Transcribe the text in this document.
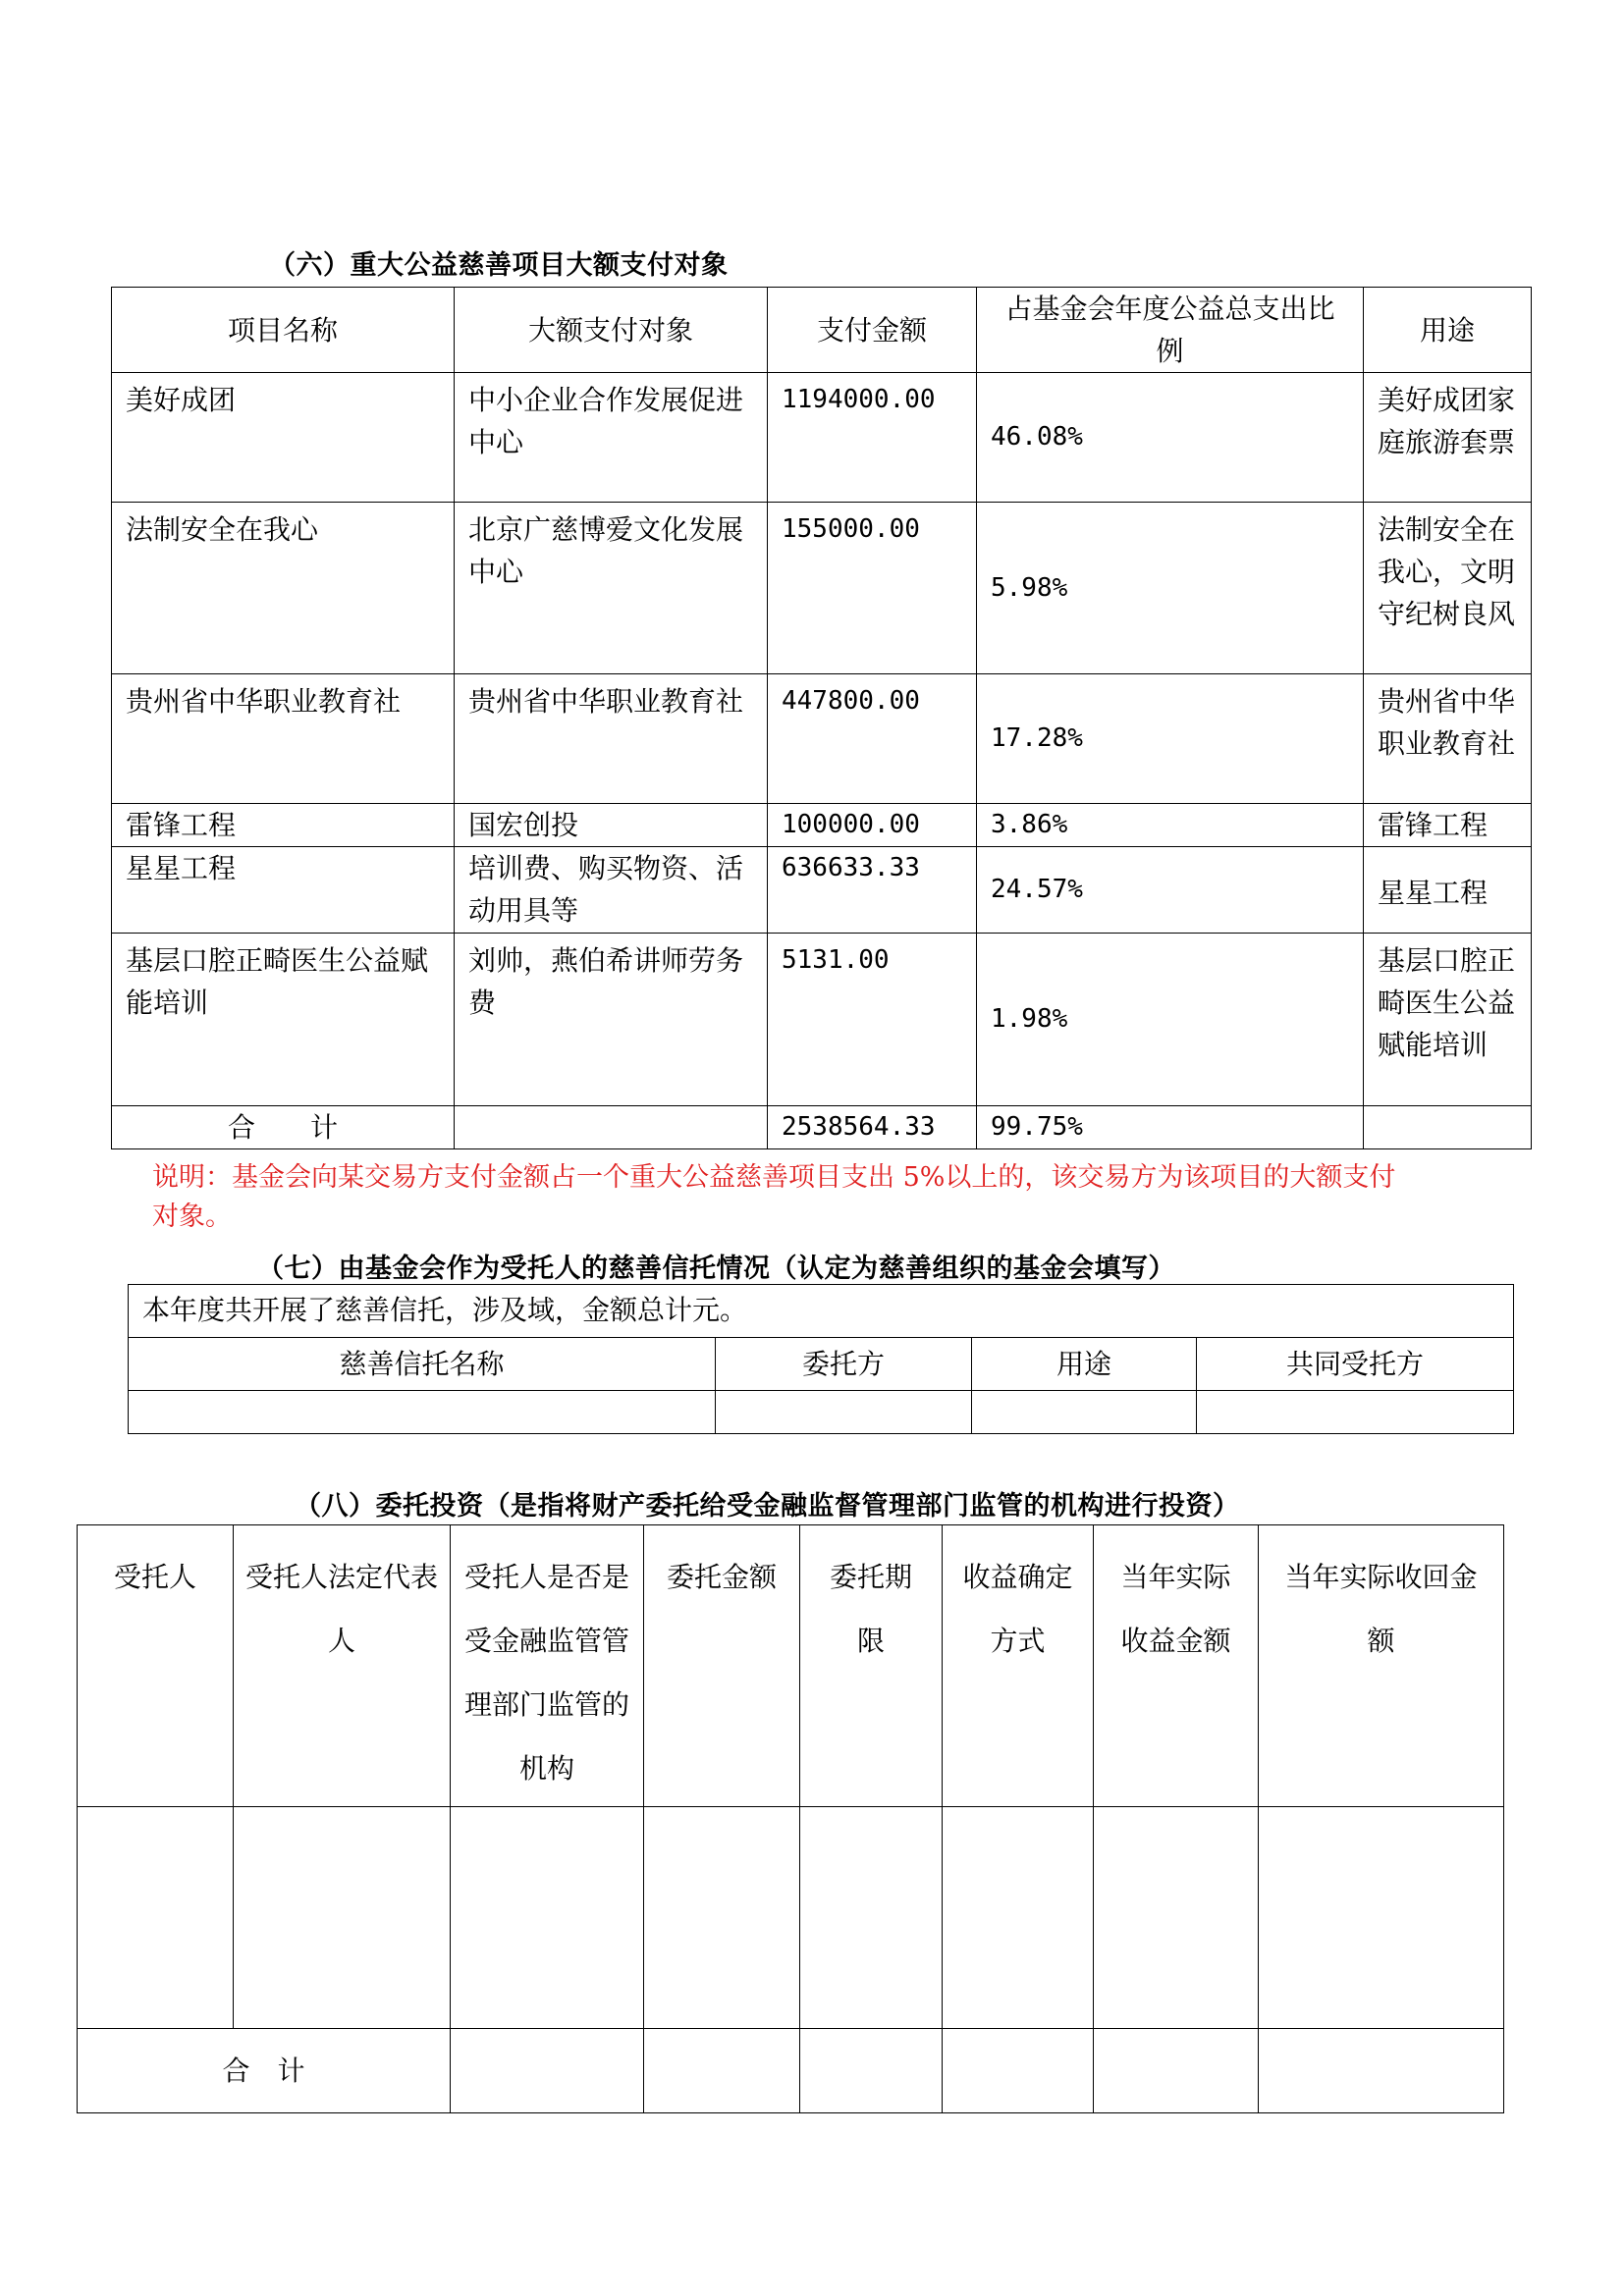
（六）重大公益慈善项目大额支付对象
项目名称	大额支付对象	支付金额	占基金会年度公益总支出比例	用途
美好成团	中小企业合作发展促进中心	1194000.00	46.08%	美好成团家庭旅游套票
法制安全在我心	北京广慈博爱文化发展中心	155000.00	5.98%	法制安全在我心，文明守纪树良风
贵州省中华职业教育社	贵州省中华职业教育社	447800.00	17.28%	贵州省中华职业教育社
雷锋工程	国宏创投	100000.00	3.86%	雷锋工程
星星工程	培训费、购买物资、活动用具等	636633.33	24.57%	星星工程
基层口腔正畸医生公益赋能培训	刘帅，燕伯希讲师劳务费	5131.00	1.98%	基层口腔正畸医生公益赋能培训
合　　计		2538564.33	99.75%	
说明：基金会向某交易方支付金额占一个重大公益慈善项目支出 5%以上的，该交易方为该项目的大额支付对象。
（七）由基金会作为受托人的慈善信托情况（认定为慈善组织的基金会填写）
本年度共开展了慈善信托，涉及域，金额总计元。			
慈善信托名称	委托方	用途	共同受托方

（八）委托投资（是指将财产委托给受金融监督管理部门监管的机构进行投资）
受托人	受托人法定代表人	受托人是否是受金融监管管理部门监管的机构	委托金额	委托期限	收益确定方式	当年实际收益金额	当年实际收回金额

合　计							
